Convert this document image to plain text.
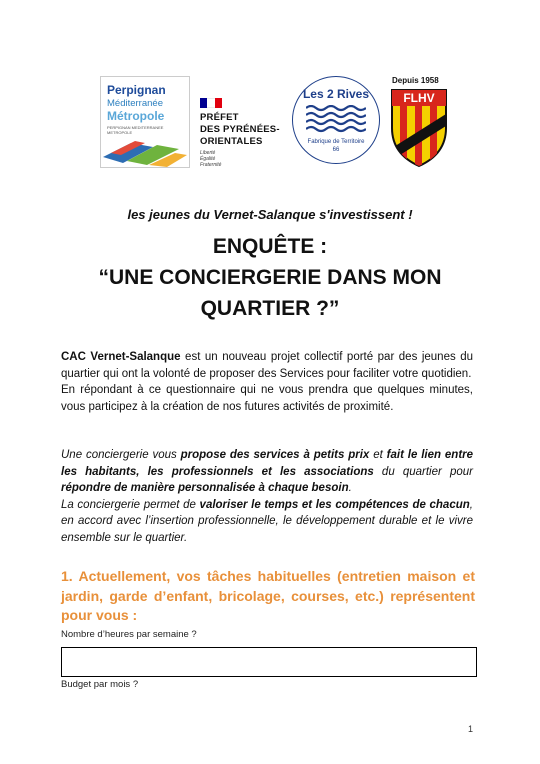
Perpignan
Méditerranée
Métropole
PERPIGNAN MEDITERRANEE METROPOLE
PRÉFET
DES PYRÉNÉES-
ORIENTALES
Liberté
Égalité
Fraternité
Les 2 Rives
Fabrique de Territoire
66
Depuis 1958
FLHV
les jeunes du Vernet-Salanque s'investissent !
ENQUÊTE :
“UNE CONCIERGERIE DANS MON
QUARTIER ?”

CAC Vernet-Salanque est un nouveau projet collectif porté par des jeunes du quartier qui ont la volonté de proposer des Services pour faciliter votre quotidien.

En répondant à ce questionnaire qui ne vous prendra que quelques minutes, vous participez à la création de nos futures activités de proximité.

Une conciergerie vous propose des services à petits prix et fait le lien entre les habitants, les professionnels et les associations du quartier pour répondre de manière personnalisée à chaque besoin.

La conciergerie permet de valoriser le temps et les compétences de chacun, en accord avec l’insertion professionnelle, le développement durable et le vivre ensemble sur le quartier.

1. Actuellement, vos tâches habituelles (entretien maison et jardin, garde d’enfant, bricolage, courses, etc.) représentent pour vous :
Nombre d’heures par semaine ?
Budget par mois ?
1
